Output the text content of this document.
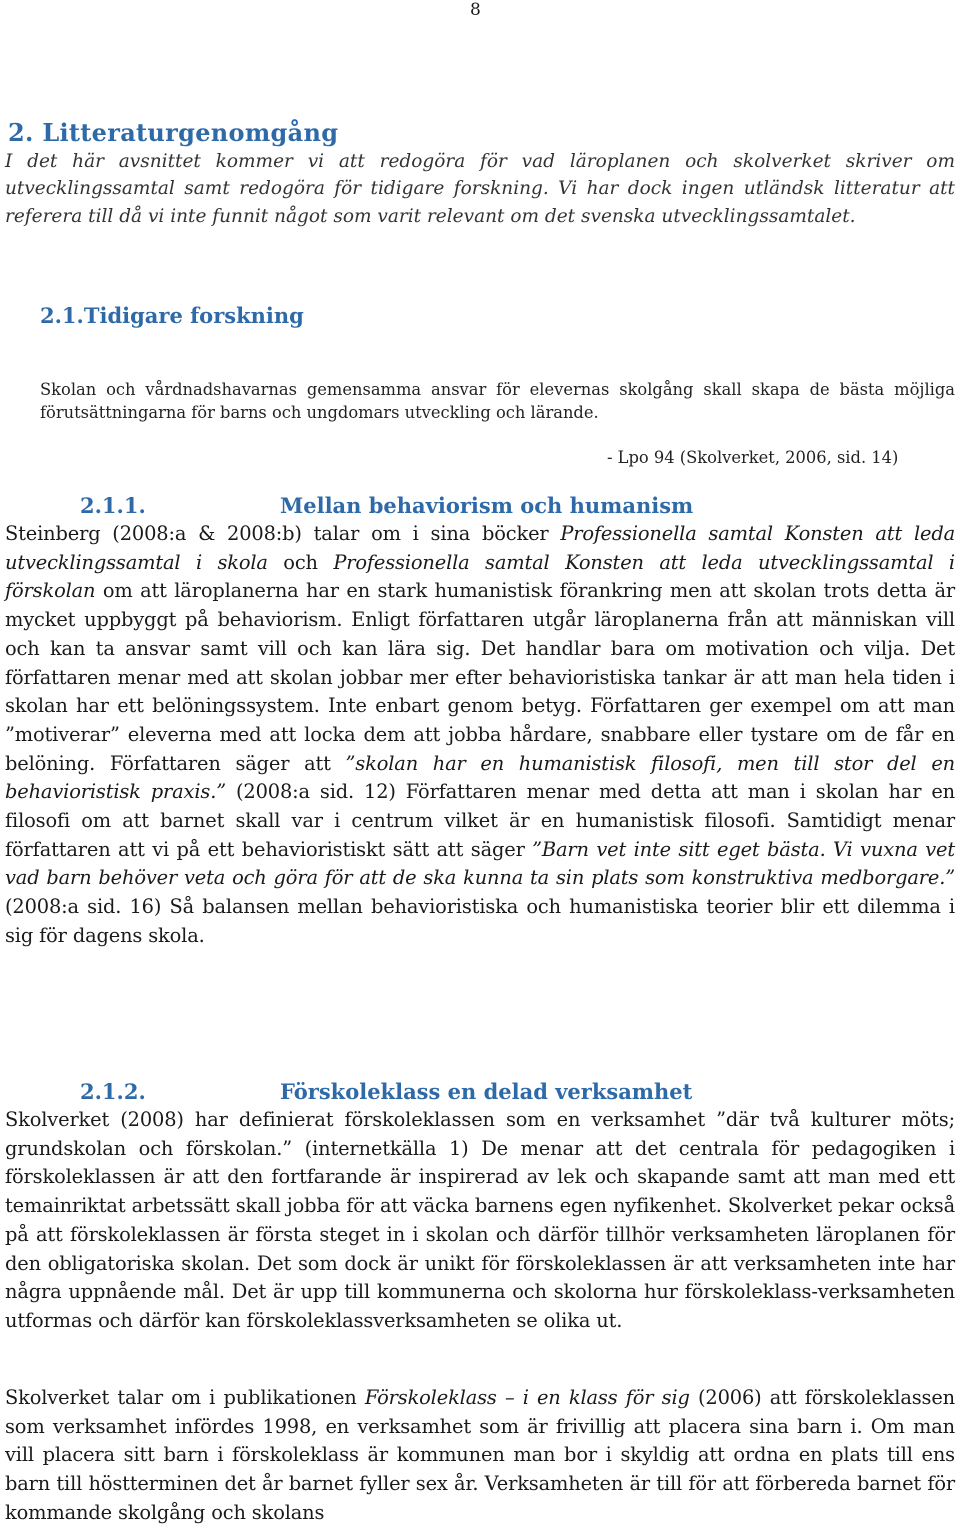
8
2. Litteraturgenomgång
I det här avsnittet kommer vi att redogöra för vad läroplanen och skolverket skriver om utvecklingssamtal samt redogöra för tidigare forskning. Vi har dock ingen utländsk litteratur att referera till då vi inte funnit något som varit relevant om det svenska utvecklingssamtalet.
2.1.Tidigare forskning
Skolan och vårdnadshavarnas gemensamma ansvar för elevernas skolgång skall skapa de bästa möjliga förutsättningarna för barns och ungdomars utveckling och lärande.
- Lpo 94 (Skolverket, 2006, sid. 14)
2.1.1.	Mellan behaviorism och humanism
Steinberg (2008:a & 2008:b) talar om i sina böcker Professionella samtal Konsten att leda utvecklingssamtal i skola och Professionella samtal Konsten att leda utvecklingssamtal i förskolan om att läroplanerna har en stark humanistisk förankring men att skolan trots detta är mycket uppbyggt på behaviorism. Enligt författaren utgår läroplanerna från att människan vill och kan ta ansvar samt vill och kan lära sig. Det handlar bara om motivation och vilja. Det författaren menar med att skolan jobbar mer efter behavioristiska tankar är att man hela tiden i skolan har ett belöningssystem. Inte enbart genom betyg. Författaren ger exempel om att man ”motiverar” eleverna med att locka dem att jobba hårdare, snabbare eller tystare om de får en belöning. Författaren säger att ”skolan har en humanistisk filosofi, men till stor del en behavioristisk praxis.” (2008:a sid. 12) Författaren menar med detta att man i skolan har en filosofi om att barnet skall var i centrum vilket är en humanistisk filosofi. Samtidigt menar författaren att vi på ett behavioristiskt sätt att säger ”Barn vet inte sitt eget bästa. Vi vuxna vet vad barn behöver veta och göra för att de ska kunna ta sin plats som konstruktiva medborgare.” (2008:a sid. 16) Så balansen mellan behavioristiska och humanistiska teorier blir ett dilemma i sig för dagens skola.
2.1.2.	Förskoleklass en delad verksamhet
Skolverket (2008) har definierat förskoleklassen som en verksamhet ”där två kulturer möts; grundskolan och förskolan.” (internetkälla 1) De menar att det centrala för pedagogiken i förskoleklassen är att den fortfarande är inspirerad av lek och skapande samt att man med ett temainriktat arbetssätt skall jobba för att väcka barnens egen nyfikenhet. Skolverket pekar också på att förskoleklassen är första steget in i skolan och därför tillhör verksamheten läroplanen för den obligatoriska skolan. Det som dock är unikt för förskoleklassen är att verksamheten inte har några uppnående mål. Det är upp till kommunerna och skolorna hur förskoleklass-verksamheten utformas och därför kan förskoleklassverksamheten se olika ut.
Skolverket talar om i publikationen Förskoleklass – i en klass för sig (2006) att förskoleklassen som verksamhet infördes 1998, en verksamhet som är frivillig att placera sina barn i. Om man vill placera sitt barn i förskoleklass är kommunen man bor i skyldig att ordna en plats till ens barn till höstterminen det år barnet fyller sex år. Verksamheten är till för att förbereda barnet för kommande skolgång och skolans
